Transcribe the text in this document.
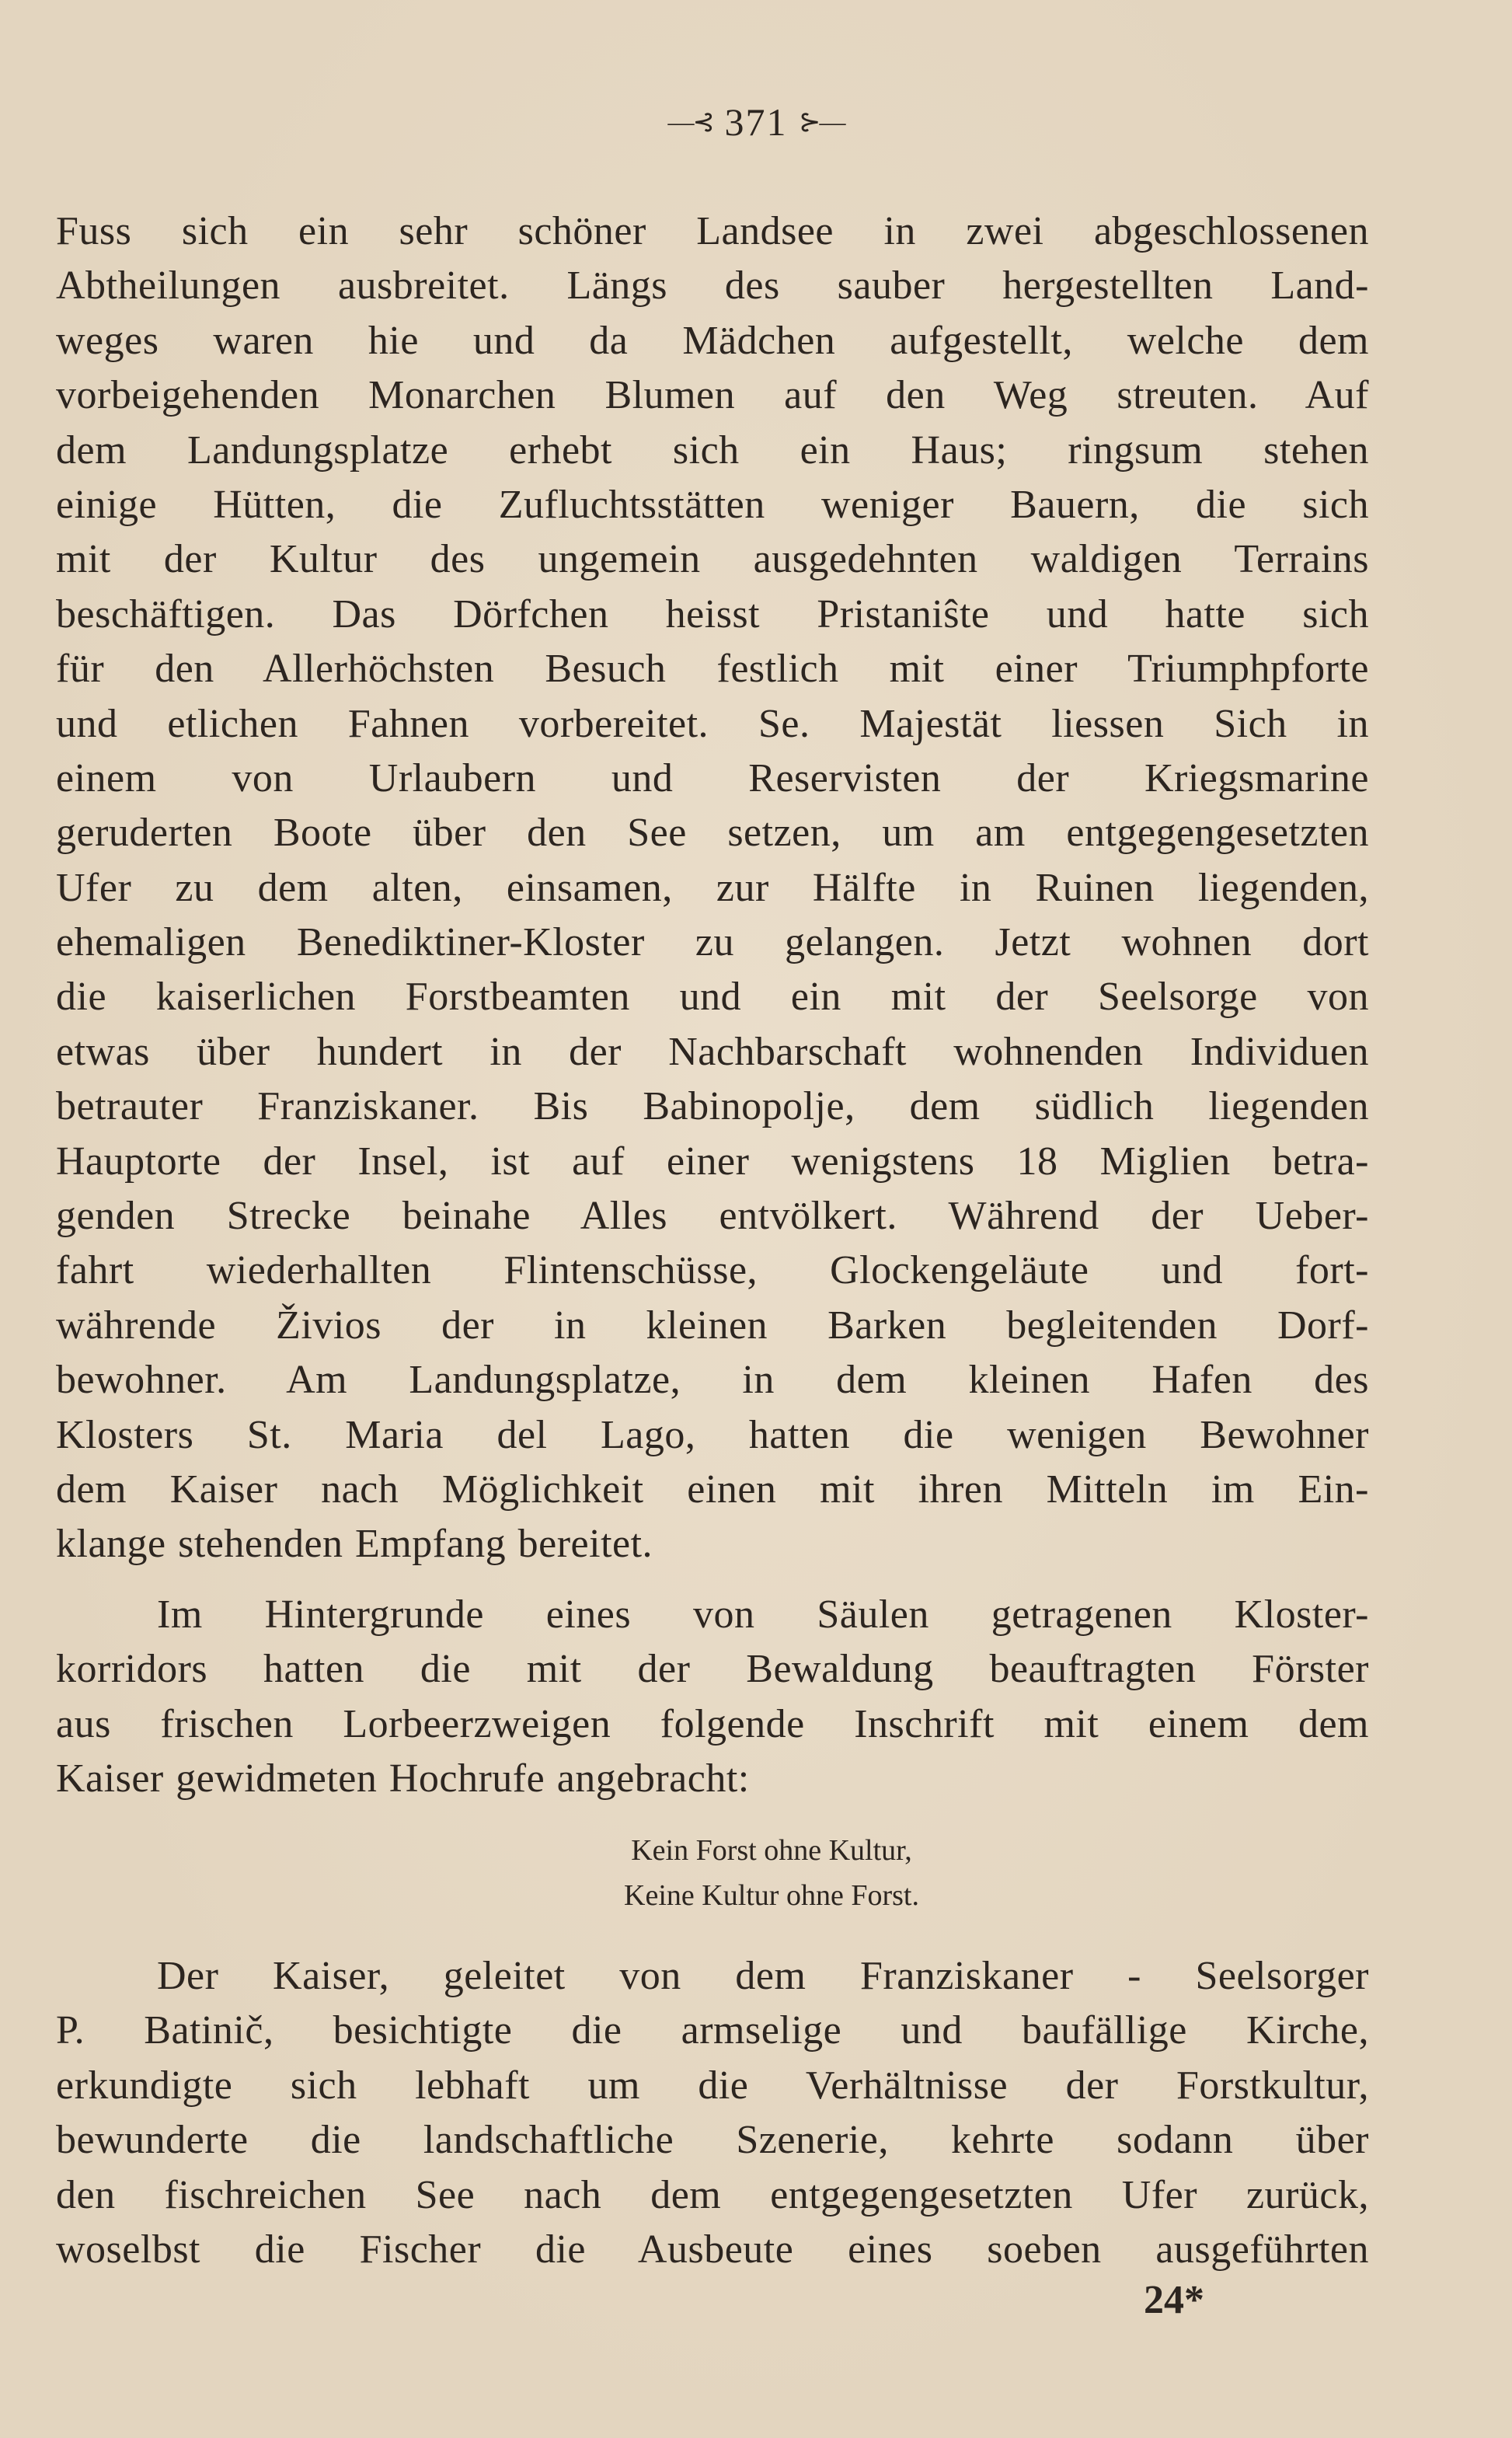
—⊰ 371 ⊱—
Fuss sich ein sehr schöner Landsee in zwei abgeschlossenen
Abtheilungen ausbreitet. Längs des sauber hergestellten Land-
weges waren hie und da Mädchen aufgestellt, welche dem
vorbeigehenden Monarchen Blumen auf den Weg streuten. Auf
dem Landungsplatze erhebt sich ein Haus; ringsum stehen
einige Hütten, die Zufluchtsstätten weniger Bauern, die sich
mit der Kultur des ungemein ausgedehnten waldigen Terrains
beschäftigen. Das Dörfchen heisst Pristaniŝte und hatte sich
für den Allerhöchsten Besuch festlich mit einer Triumphpforte
und etlichen Fahnen vorbereitet. Se. Majestät liessen Sich in
einem von Urlaubern und Reservisten der Kriegsmarine
geruderten Boote über den See setzen, um am entgegengesetzten
Ufer zu dem alten, einsamen, zur Hälfte in Ruinen liegenden,
ehemaligen Benediktiner-Kloster zu gelangen. Jetzt wohnen dort
die kaiserlichen Forstbeamten und ein mit der Seelsorge von
etwas über hundert in der Nachbarschaft wohnenden Individuen
betrauter Franziskaner. Bis Babinopolje, dem südlich liegenden
Hauptorte der Insel, ist auf einer wenigstens 18 Miglien betra-
genden Strecke beinahe Alles entvölkert. Während der Ueber-
fahrt wiederhallten Flintenschüsse, Glockengeläute und fort-
währende Živios der in kleinen Barken begleitenden Dorf-
bewohner. Am Landungsplatze, in dem kleinen Hafen des
Klosters St. Maria del Lago, hatten die wenigen Bewohner
dem Kaiser nach Möglichkeit einen mit ihren Mitteln im Ein-
klange stehenden Empfang bereitet.
Im Hintergrunde eines von Säulen getragenen Kloster-
korridors hatten die mit der Bewaldung beauftragten Förster
aus frischen Lorbeerzweigen folgende Inschrift mit einem dem
Kaiser gewidmeten Hochrufe angebracht:
Kein Forst ohne Kultur,
Keine Kultur ohne Forst.
Der Kaiser, geleitet von dem Franziskaner - Seelsorger
P. Batinič, besichtigte die armselige und baufällige Kirche,
erkundigte sich lebhaft um die Verhältnisse der Forstkultur,
bewunderte die landschaftliche Szenerie, kehrte sodann über
den fischreichen See nach dem entgegengesetzten Ufer zurück,
woselbst die Fischer die Ausbeute eines soeben ausgeführten
24*
